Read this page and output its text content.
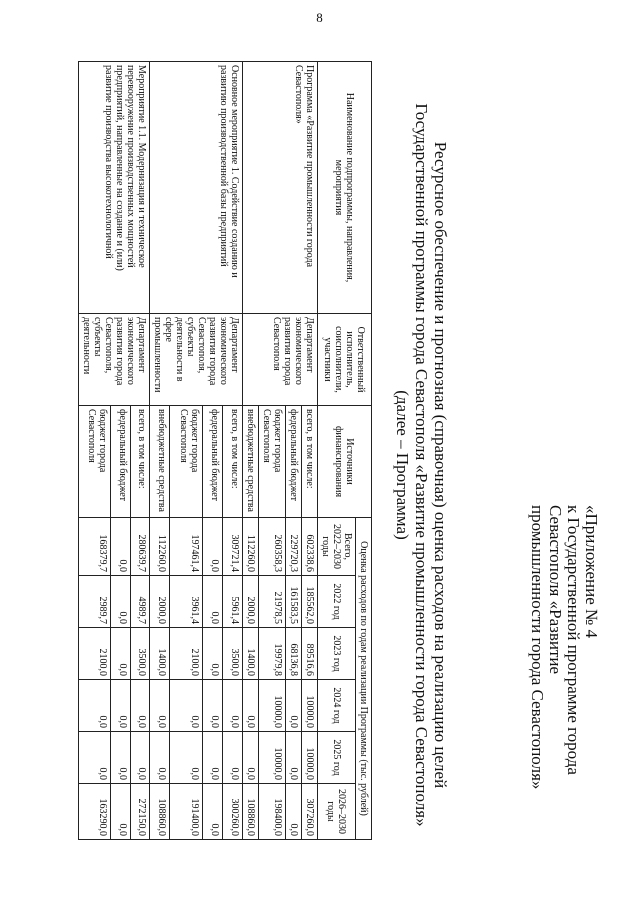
8
«Приложение № 4
к Государственной программе города
Севастополя «Развитие
промышленности города Севастополя»
Ресурсное обеспечение и прогнозная (справочная) оценка расходов на реализацию целей
Государственной программы города Севастополя «Развитие промышленности города Севастополя»
(далее – Программа)
Наименование подпрограммы, направления, мероприятия	Ответственный исполнитель, соисполнители, участники	Источники финансирования	Оценка расходов по годам реализации Программы (тыс. рублей)					
			Всего, 2022–2030 годы	2022 год	2023 год	2024 год	2025 год	2026–2030 годы
Программа «Развитие промышленности города Севастополя»	Департамент экономического развития города Севастополя	всего, в том числе:	602338,6	185562,0	89516,6	10000,0	10000,0	307260,0
		федеральный бюджет	229720,3	161583,5	68136,8	0,0	0,0	0,0
		бюджет города Севастополя	260358,3	21978,5	19979,8	10000,0	10000,0	198400,0
		внебюджетные средства	112260,0	2000,0	1400,0	0,0	0,0	108860,0
Основное мероприятие 1. Содействие созданию и развитию производственной базы предприятий	Департамент экономического развития города Севастополя, субъекты деятельности в сфере промышленности	всего, в том числе:	309721,4	5961,4	3500,0	0,0	0,0	300260,0
		федеральный бюджет	0,0	0,0	0,0	0,0	0,0	0,0
		бюджет города Севастополя	197461,4	3961,4	2100,0	0,0	0,0	191400,0
		внебюджетные средства	112260,0	2000,0	1400,0	0,0	0,0	108860,0
Мероприятие 1.1. Модернизация и техническое перевооружение производственных мощностей предприятий, направленные на создание и (или) развитие производства высокотехнологичной	Департамент экономического развития города Севастополя, субъекты деятельности	всего, в том числе:	280639,7	4989,7	3500,0	0,0	0,0	272150,0
		федеральный бюджет	0,0	0,0	0,0	0,0	0,0	0,0
		бюджет города Севастополя	168379,7	2989,7	2100,0	0,0	0,0	163290,0
